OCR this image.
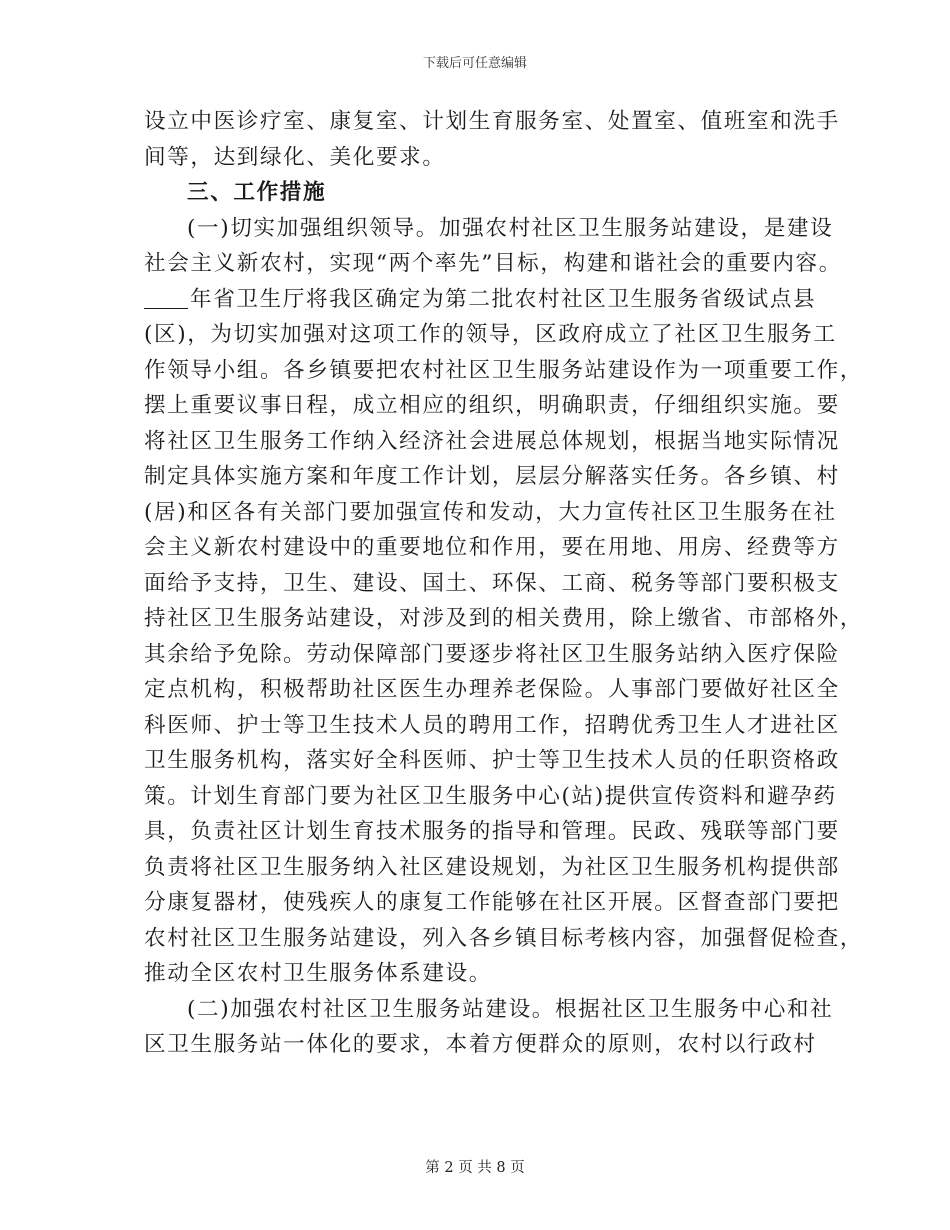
下载后可任意编辑
设立中医诊疗室、康复室、计划生育服务室、处置室、值班室和洗手
间等，达到绿化、美化要求。
三、工作措施
(一)切实加强组织领导。加强农村社区卫生服务站建设，是建设
社会主义新农村，实现“两个率先”目标，构建和谐社会的重要内容。
年省卫生厅将我区确定为第二批农村社区卫生服务省级试点县
(区)，为切实加强对这项工作的领导，区政府成立了社区卫生服务工
作领导小组。各乡镇要把农村社区卫生服务站建设作为一项重要工作，
摆上重要议事日程，成立相应的组织，明确职责，仔细组织实施。要
将社区卫生服务工作纳入经济社会进展总体规划，根据当地实际情况
制定具体实施方案和年度工作计划，层层分解落实任务。各乡镇、村
(居)和区各有关部门要加强宣传和发动，大力宣传社区卫生服务在社
会主义新农村建设中的重要地位和作用，要在用地、用房、经费等方
面给予支持，卫生、建设、国土、环保、工商、税务等部门要积极支
持社区卫生服务站建设，对涉及到的相关费用，除上缴省、市部格外，
其余给予免除。劳动保障部门要逐步将社区卫生服务站纳入医疗保险
定点机构，积极帮助社区医生办理养老保险。人事部门要做好社区全
科医师、护士等卫生技术人员的聘用工作，招聘优秀卫生人才进社区
卫生服务机构，落实好全科医师、护士等卫生技术人员的任职资格政
策。计划生育部门要为社区卫生服务中心(站)提供宣传资料和避孕药
具，负责社区计划生育技术服务的指导和管理。民政、残联等部门要
负责将社区卫生服务纳入社区建设规划，为社区卫生服务机构提供部
分康复器材，使残疾人的康复工作能够在社区开展。区督查部门要把
农村社区卫生服务站建设，列入各乡镇目标考核内容，加强督促检查，
推动全区农村卫生服务体系建设。
(二)加强农村社区卫生服务站建设。根据社区卫生服务中心和社
区卫生服务站一体化的要求，本着方便群众的原则，农村以行政村
第 2 页 共 8 页
